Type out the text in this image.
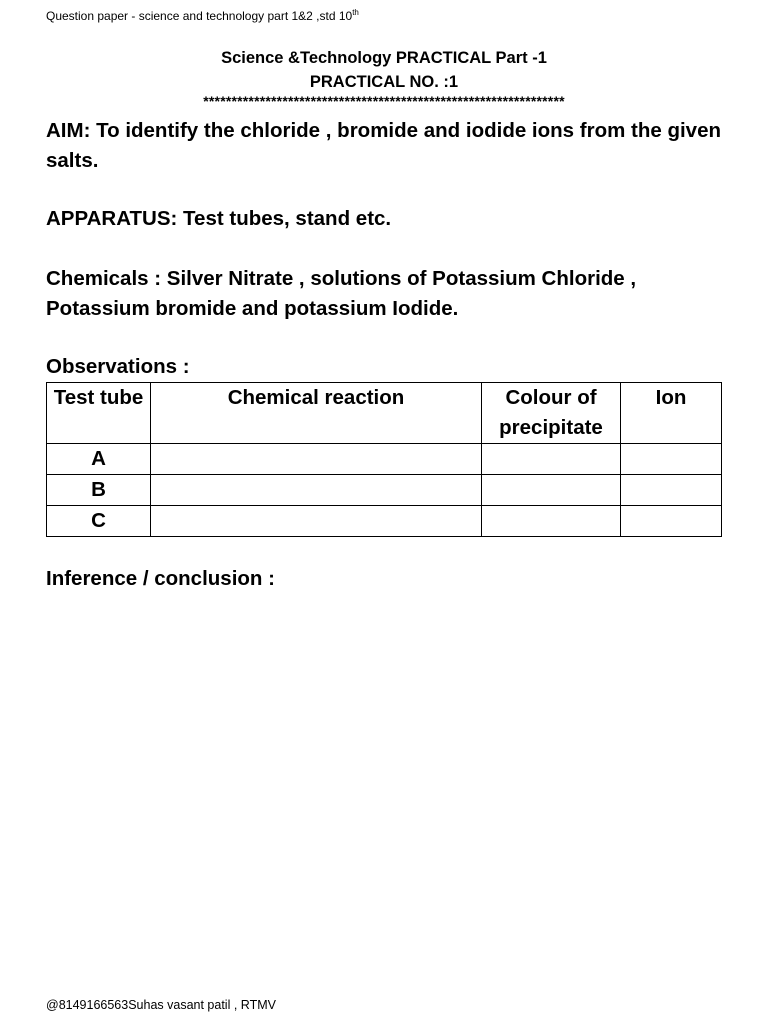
Question paper - science and technology part 1&2 ,std 10th
Science &Technology PRACTICAL Part -1
PRACTICAL NO. :1
****************************************************************
AIM: To identify the chloride , bromide and iodide ions from the given salts.
APPARATUS: Test tubes, stand etc.
Chemicals : Silver Nitrate , solutions of Potassium Chloride , Potassium bromide and potassium Iodide.
Observations :
Test tube	Chemical reaction	Colour of precipitate	Ion
A			
B			
C			
Inference / conclusion :
@8149166563Suhas vasant patil , RTMV
